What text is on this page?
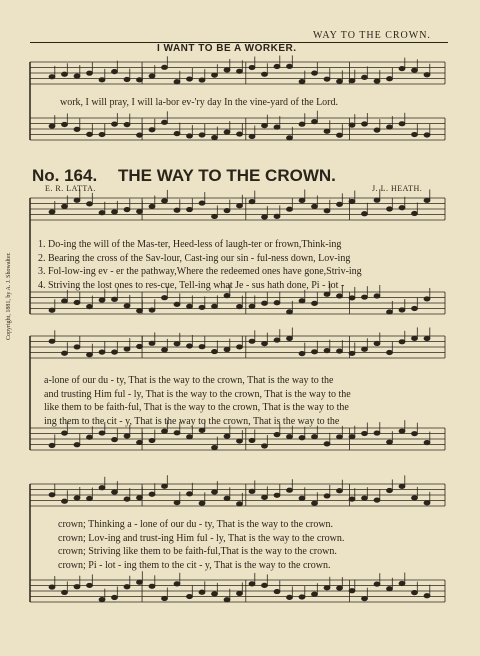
WAY TO THE CROWN.
I WANT TO BE A WORKER.
work, I will pray, I will la-bor ev-'ry day In the vine-yard of the Lord.
No. 164. THE WAY TO THE CROWN.
E. R. LATTA.	J. L. HEATH.
1. Do-ing the will of the Mas-ter, Heed-less of laugh-ter or frown,Think-ing
2. Bearing the cross of the Sav-lour, Cast-ing our sin - ful-ness down, Lov-ing
3. Fol-low-ing ev - er the pathway,Where the redeemed ones have gone,Striv-ing
4. Striving the lost ones to res-cue, Tell-ing what Je - sus hath done, Pi - lot -
a-lone of our du - ty, That is the way to the crown, That is the way to the
and trusting Him ful - ly, That is the way to the crown, That is the way to the
like them to be faith-ful, That is the way to the crown, That is the way to the
ing them to the cit - y, That is the way to the crown, That is the way to the
crown; Thinking a - lone of our du - ty, That is the way to the crown.
crown; Lov-ing and trust-ing Him ful - ly, That is the way to the crown.
crown; Striving like them to be faith-ful,That is the way to the crown.
crown; Pi - lot - ing them to the cit - y, That is the way to the crown.
Copyright, 1881, by A. J. Showalter.
